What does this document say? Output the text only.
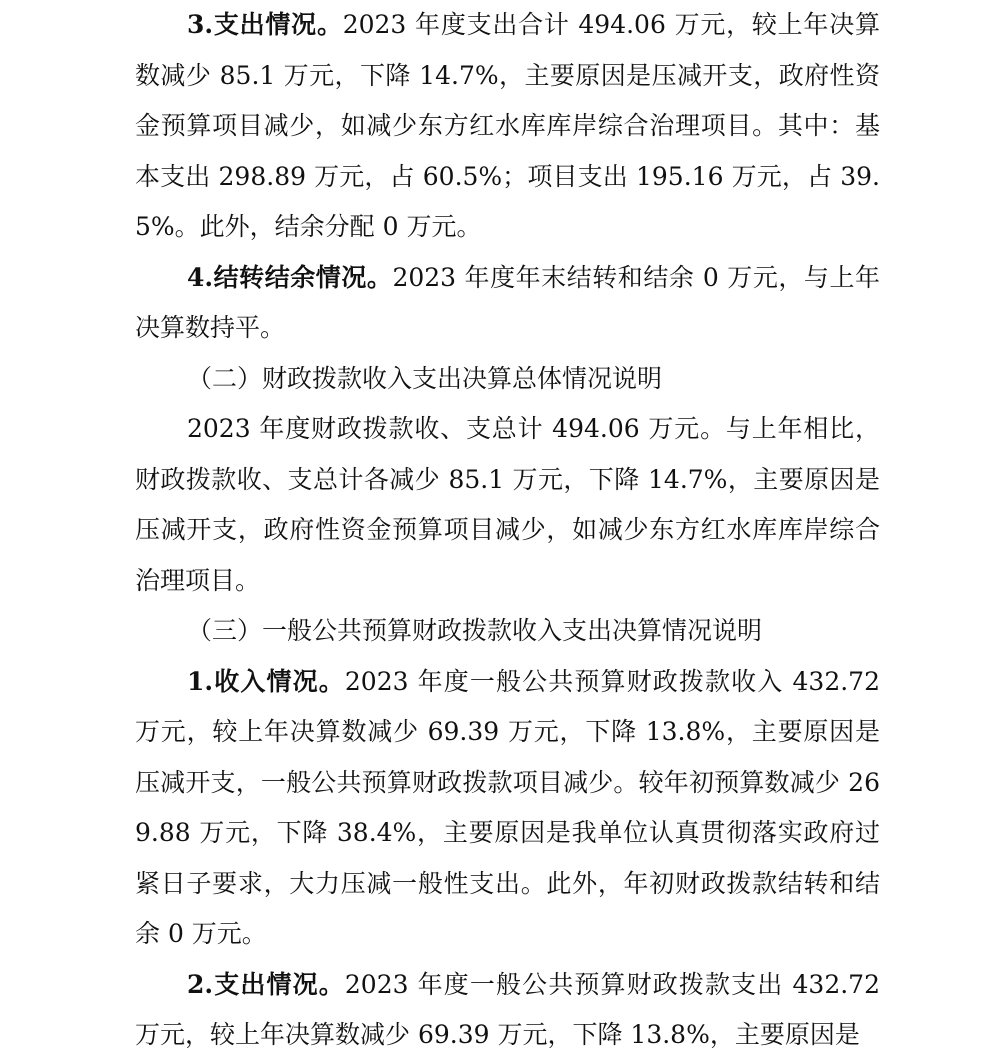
3.支出情况。2023 年度支出合计 494.06 万元，较上年决算数减少 85.1 万元，下降 14.7%，主要原因是压减开支，政府性资金预算项目减少，如减少东方红水库库岸综合治理项目。其中：基本支出 298.89 万元，占 60.5%；项目支出 195.16 万元，占 39.5%。此外，结余分配 0 万元。

4.结转结余情况。2023 年度年末结转和结余 0 万元，与上年决算数持平。

（二）财政拨款收入支出决算总体情况说明

2023 年度财政拨款收、支总计 494.06 万元。与上年相比，财政拨款收、支总计各减少 85.1 万元，下降 14.7%，主要原因是压减开支，政府性资金预算项目减少，如减少东方红水库库岸综合治理项目。

（三）一般公共预算财政拨款收入支出决算情况说明

1.收入情况。2023 年度一般公共预算财政拨款收入 432.72 万元，较上年决算数减少 69.39 万元，下降 13.8%，主要原因是压减开支，一般公共预算财政拨款项目减少。较年初预算数减少 269.88 万元，下降 38.4%，主要原因是我单位认真贯彻落实政府过紧日子要求，大力压减一般性支出。此外，年初财政拨款结转和结余 0 万元。

2.支出情况。2023 年度一般公共预算财政拨款支出 432.72 万元，较上年决算数减少 69.39 万元，下降 13.8%，主要原因是
